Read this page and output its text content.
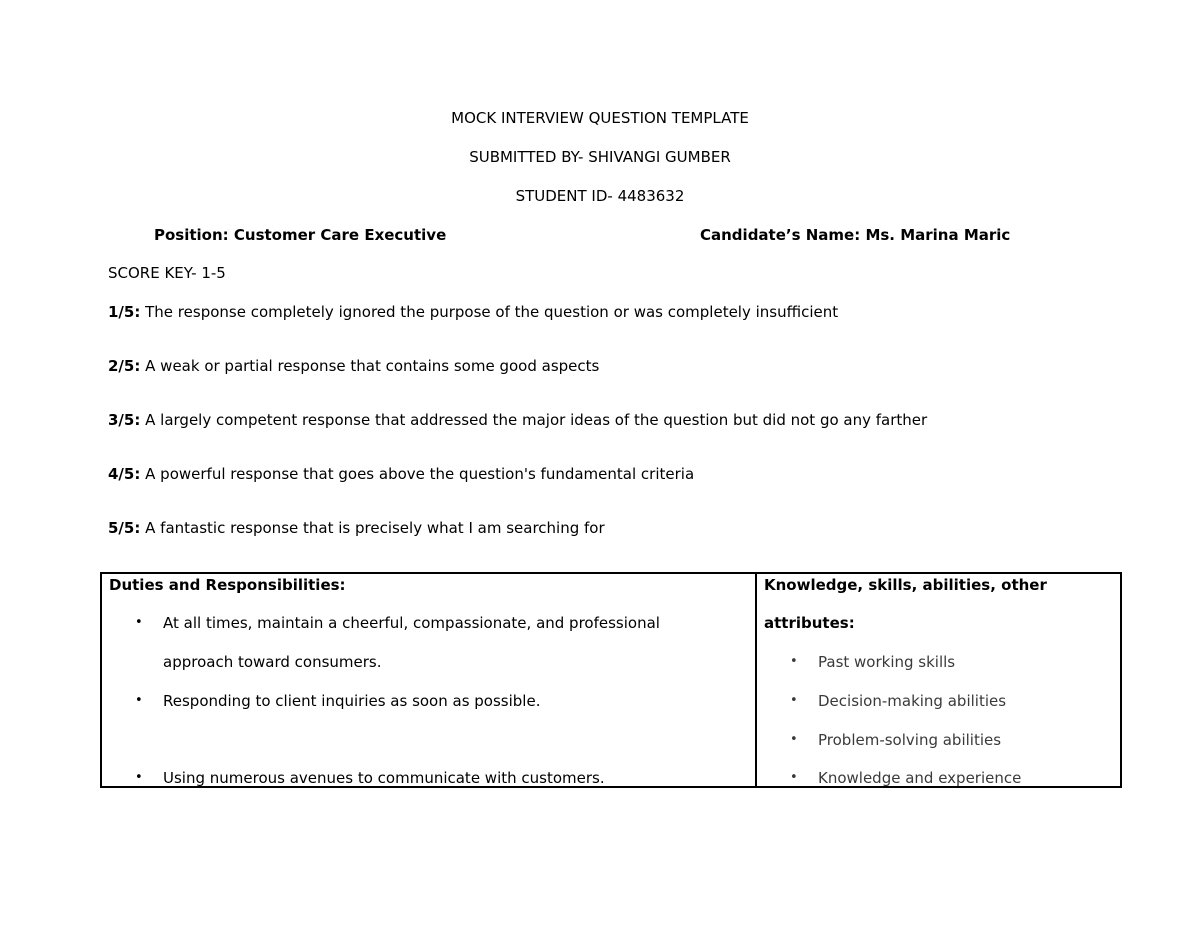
MOCK INTERVIEW QUESTION TEMPLATE
SUBMITTED BY- SHIVANGI GUMBER
STUDENT ID- 4483632
Position: Customer Care Executive	Candidate’s Name: Ms. Marina Maric
SCORE KEY- 1-5
1/5: The response completely ignored the purpose of the question or was completely insufficient
2/5: A weak or partial response that contains some good aspects
3/5: A largely competent response that addressed the major ideas of the question but did not go any farther
4/5: A powerful response that goes above the question's fundamental criteria
5/5: A fantastic response that is precisely what I am searching for
Duties and Responsibilities:
• At all times, maintain a cheerful, compassionate, and professional
approach toward consumers.
• Responding to client inquiries as soon as possible.
• Using numerous avenues to communicate with customers.
Knowledge, skills, abilities, other
attributes:
• Past working skills
• Decision-making abilities
• Problem-solving abilities
• Knowledge and experience
